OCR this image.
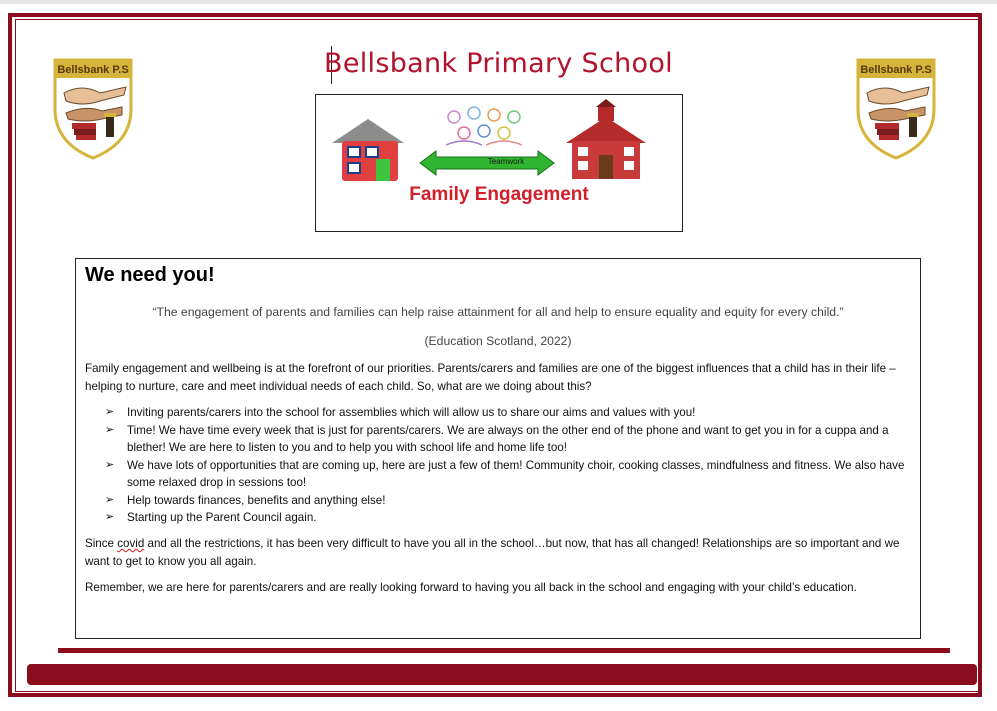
Bellsbank P.S	Bellsbank P.S
Bellsbank Primary School
Teamwork
Family Engagement
We need you!
“The engagement of parents and families can help raise attainment for all and help to ensure equality and equity for every child.”
(Education Scotland, 2022)
Family engagement and wellbeing is at the forefront of our priorities. Parents/carers and families are one of the biggest influences that a child has in their life – helping to nurture, care and meet individual needs of each child. So, what are we doing about this?
➢ Inviting parents/carers into the school for assemblies which will allow us to share our aims and values with you!
➢ Time! We have time every week that is just for parents/carers. We are always on the other end of the phone and want to get you in for a cuppa and a blether! We are here to listen to you and to help you with school life and home life too!
➢ We have lots of opportunities that are coming up, here are just a few of them! Community choir, cooking classes, mindfulness and fitness. We also have some relaxed drop in sessions too!
➢ Help towards finances, benefits and anything else!
➢ Starting up the Parent Council again.
Since covid and all the restrictions, it has been very difficult to have you all in the school…but now, that has all changed! Relationships are so important and we want to get to know you all again.
Remember, we are here for parents/carers and are really looking forward to having you all back in the school and engaging with your child’s education.
